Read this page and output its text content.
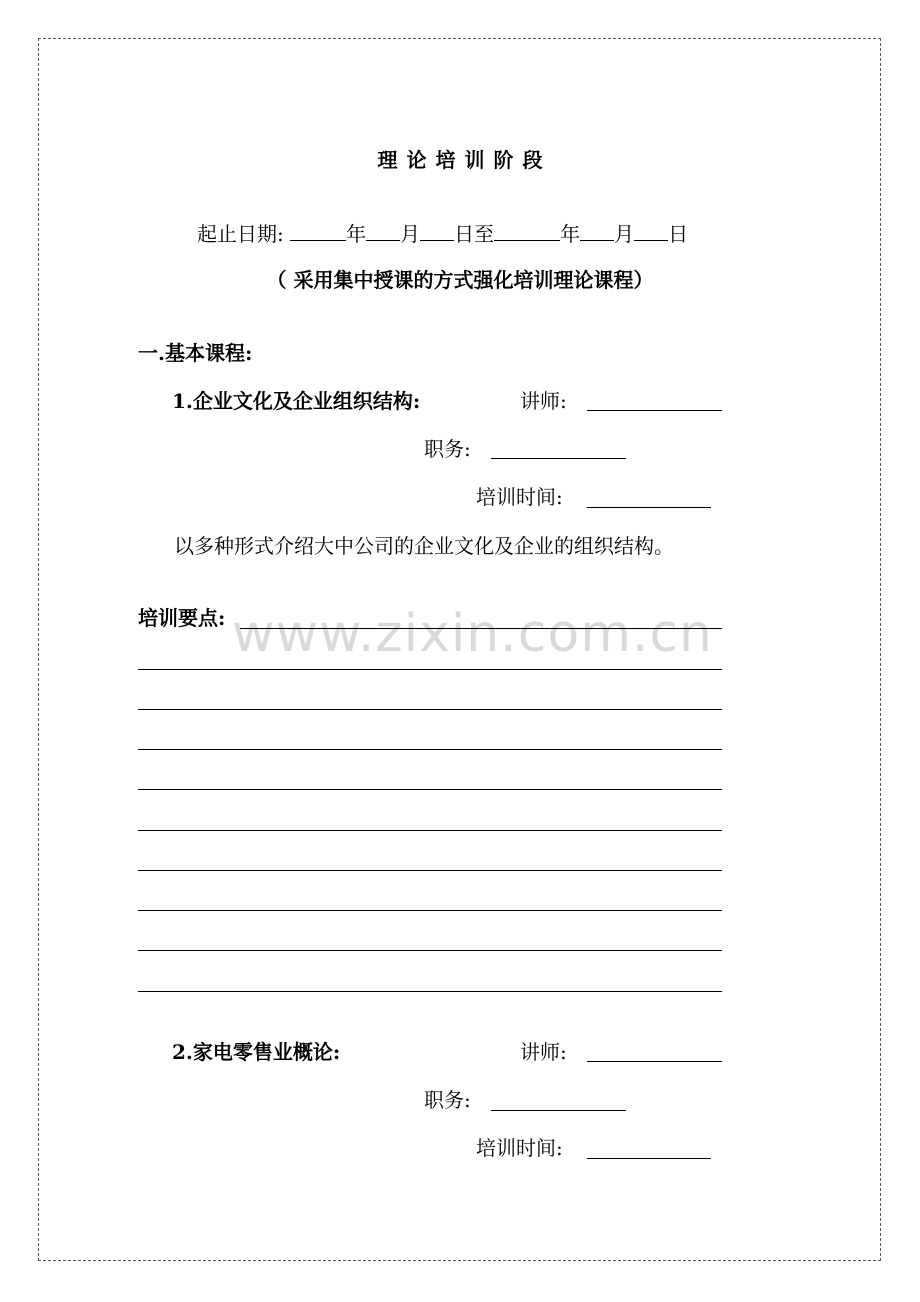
www.zixin.com.cn
理论培训阶段
起止日期:	年 月 日至	年 月 日
（ 采用集中授课的方式强化培训理论课程）
一.基本课程:
1.企业文化及企业组织结构:	讲师:
职务:
培训时间:
以多种形式介绍大中公司的企业文化及企业的组织结构。
培训要点:
2.家电零售业概论:	讲师:
职务:
培训时间:
